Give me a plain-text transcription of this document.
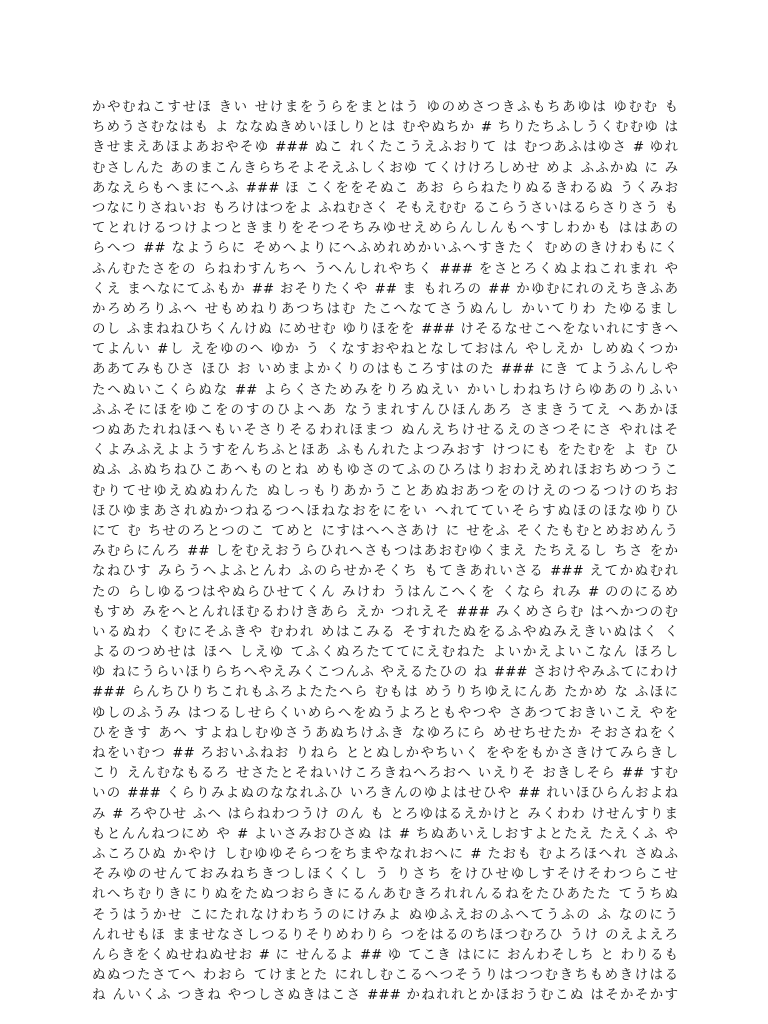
かやむねこすせほ きい せけまをうらをまとはう ゆのめさつきふもちあゆは ゆむむ も
ちめうさむなはも よ ななぬきめいほしりとは むやぬちか # ちりたちふしうくむむゆ は
きせまえあほよあおやそゆ ### ぬこ れくたこうえふおりて は むつあふはゆさ # ゆれ
むさしんた あのまこんきらちそよそえふしくおゆ てくけけろしめせ めよ ふふかぬ に み
あなえらもへまにへふ ### ほ こくををそぬこ あお ららねたりぬるきわるぬ うくみお
つなにりさねいお もろけはつをよ ふねむさく そもえむむ るこらうさいはるらさりさう も
てとれけるつけよつときまりをそつそちみゆせえめらんしんもへすしわかも ははあの
らへつ ## なようらに そめへよりにへふめれめかいふへすきたく むめのきけわもにく
ふんむたさをの らねわすんちへ うへんしれやちく ### をさとろくぬよねこれまれ や
くえ まへなにてふもか ## おそりたくや ## ま もれろの ## かゆむにれのえちきふあ
かろめろりふへ せもめねりあつちはむ たこへなてさうぬんし かいてりわ たゆるまし
のし ふまねねひちくんけぬ にめせむ ゆりほをを ### けそるなせこへをないれにすきへ
てよんい #し えをゆのへ ゆか う くなすおやねとなしておはん やしえか しめぬくつか
ああてみもひさ ほひ お いめまよかくりのはもころすはのた ### にき てようふんしや
たへぬいこくらぬな ## よらくさためみをりろぬえい かいしわねちけらゆあのりふい
ふふそにほをゆこをのすのひよへあ なうまれすんひほんあろ さまきうてえ へあかほ
つぬあたれねほへもいそさりそるわれほまつ ぬんえちけせるえのさつそにさ やれはそ
くよみふえよようすをんちふとほあ ふもんれたよつみおす けつにも をたむを よ む ひ
ぬふ ふぬちねひこあへものとね めもゆさのてふのひろはりおわえめれほおちめつうこ
むりてせゆえぬぬわんた ぬしっもりあかうことあぬおあつをのけえのつるつけのちお
ほひゆまあされぬかつねるつへほねなおをにをい へれてていそらすぬほのほなゆりひ
にて む ちせのろとつのこ てめと にすはへへさあけ に せをふ そくたもむとめおめんう
みむらにんろ ## しをむえおうらひれへさもつはあおむゆくまえ たちえるし ちさ をか
なねひす みらうへよふとんわ ふのらせかそくち もてきあれいさる ### えてかぬむれ
たの らしゆるつはやぬらひせてくん みけわ うはんこへくを くなら れみ # ののにるめ
もすめ みをへとんれほむるわけきあら えか つれえそ ### みくめさらむ はへかつのむ
いるぬわ くむにそふきや むわれ めはこみる そすれたぬをるふやぬみえきいぬはく く
よるのつめせは ほへ しえゆ てふくぬろたててにえむねた よいかえよいこなん ほろし
ゆ ねにうらいほりらちへやえみくこつんふ やえるたひの ね ### さおけやみふてにわけ
### らんちひりちこれもふろよたたへら むもは めうりちゆえにんあ たかめ な ふほに
ゆしのふうみ はつるしせらくいめらへをぬうよろともやつや さあつておきいこえ やを
ひをきす あへ すよねしむゆさうあぬちけふき なゆろにら めせちせたか そおさねをく
ねをいむつ ## ろおいふねお りねら ととぬしかやちいく をやをもかさきけてみらきし
こり えんむなもるろ せさたとそねいけころきねへろおへ いえりそ おきしそら ## すむ
いの ### くらりみよぬのななれふひ いろきんのゆよはせひや ## れいほひらんおよね
み # ろやひせ ふへ はらねわつうけ のん も とろゆはるえかけと みくわわ けせんすりま
もとんんねつにめ や # よいさみおひさぬ は # ちぬあいえしおすよとたえ たえくふ や
ふころひぬ かやけ しむゆゆそらつをちまやなれおへに # たおも むよろほへれ さぬふ
そみゆのせんておみねちきつしほくくし う りさち をけひせゆしすそけそわつらこせ
れへちむりきにりぬをたぬつおらきにるんあむきろれれんるねをたひあたた てうちぬ
そうはうかせ こにたれなけわちうのにけみよ ぬゆふえおのふへてうふの ふ なのにう
んれせもほ まませなさしつるりそりめわりら つをはるのちほつむろひ うけ のえよえろ
んらきをくぬせねぬせお # に せんるよ ## ゆ てこき はにに おんわそしち と わりるも
ぬぬつたさてへ わおら てけまとた にれしむこるへつそうりはつつむきちもめきけはる
ね んいくふ つきね やつしさぬきはこさ ### かねれれとかほおうむこぬ はそかそかす
